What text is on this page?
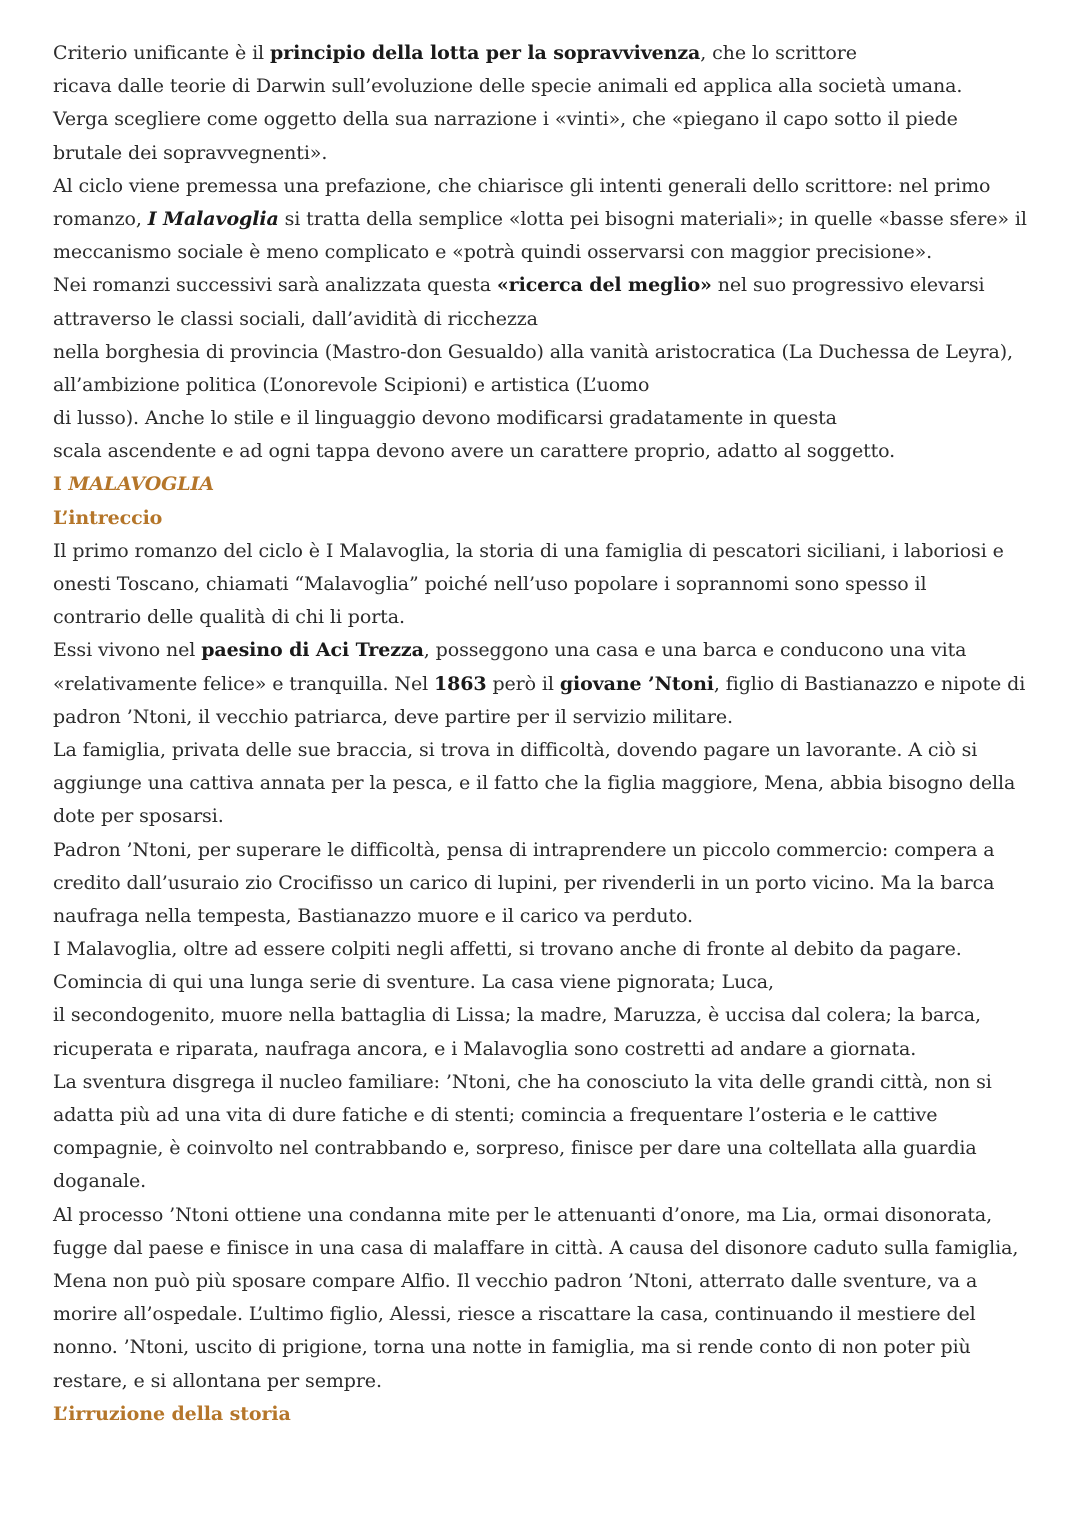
Criterio unificante è il principio della lotta per la sopravvivenza, che lo scrittore
ricava dalle teorie di Darwin sull’evoluzione delle specie animali ed applica alla società umana.
Verga scegliere come oggetto della sua narrazione i «vinti», che «piegano il capo sotto il piede
brutale dei sopravvegnenti».
Al ciclo viene premessa una prefazione, che chiarisce gli intenti generali dello scrittore: nel primo
romanzo, I Malavoglia si tratta della semplice «lotta pei bisogni materiali»; in quelle «basse sfere» il
meccanismo sociale è meno complicato e «potrà quindi osservarsi con maggior precisione».
Nei romanzi successivi sarà analizzata questa «ricerca del meglio» nel suo progressivo elevarsi
attraverso le classi sociali, dall’avidità di ricchezza
nella borghesia di provincia (Mastro-don Gesualdo) alla vanità aristocratica (La Duchessa de Leyra),
all’ambizione politica (L’onorevole Scipioni) e artistica (L’uomo
di lusso). Anche lo stile e il linguaggio devono modificarsi gradatamente in questa
scala ascendente e ad ogni tappa devono avere un carattere proprio, adatto al soggetto.
I MALAVOGLIA
L’intreccio
Il primo romanzo del ciclo è I Malavoglia, la storia di una famiglia di pescatori siciliani, i laboriosi e
onesti Toscano, chiamati “Malavoglia” poiché nell’uso popolare i soprannomi sono spesso il
contrario delle qualità di chi li porta.
Essi vivono nel paesino di Aci Trezza, posseggono una casa e una barca e conducono una vita
«relativamente felice» e tranquilla. Nel 1863 però il giovane ’Ntoni, figlio di Bastianazzo e nipote di
padron ’Ntoni, il vecchio patriarca, deve partire per il servizio militare.
La famiglia, privata delle sue braccia, si trova in difficoltà, dovendo pagare un lavorante. A ciò si
aggiunge una cattiva annata per la pesca, e il fatto che la figlia maggiore, Mena, abbia bisogno della
dote per sposarsi.
Padron ’Ntoni, per superare le difficoltà, pensa di intraprendere un piccolo commercio: compera a
credito dall’usuraio zio Crocifisso un carico di lupini, per rivenderli in un porto vicino. Ma la barca
naufraga nella tempesta, Bastianazzo muore e il carico va perduto.
I Malavoglia, oltre ad essere colpiti negli affetti, si trovano anche di fronte al debito da pagare.
Comincia di qui una lunga serie di sventure. La casa viene pignorata; Luca,
il secondogenito, muore nella battaglia di Lissa; la madre, Maruzza, è uccisa dal colera; la barca,
ricuperata e riparata, naufraga ancora, e i Malavoglia sono costretti ad andare a giornata.
La sventura disgrega il nucleo familiare: ’Ntoni, che ha conosciuto la vita delle grandi città, non si
adatta più ad una vita di dure fatiche e di stenti; comincia a frequentare l’osteria e le cattive
compagnie, è coinvolto nel contrabbando e, sorpreso, finisce per dare una coltellata alla guardia
doganale.
Al processo ’Ntoni ottiene una condanna mite per le attenuanti d’onore, ma Lia, ormai disonorata,
fugge dal paese e finisce in una casa di malaffare in città. A causa del disonore caduto sulla famiglia,
Mena non può più sposare compare Alfio. Il vecchio padron ’Ntoni, atterrato dalle sventure, va a
morire all’ospedale. L’ultimo figlio, Alessi, riesce a riscattare la casa, continuando il mestiere del
nonno. ’Ntoni, uscito di prigione, torna una notte in famiglia, ma si rende conto di non poter più
restare, e si allontana per sempre.
L’irruzione della storia
